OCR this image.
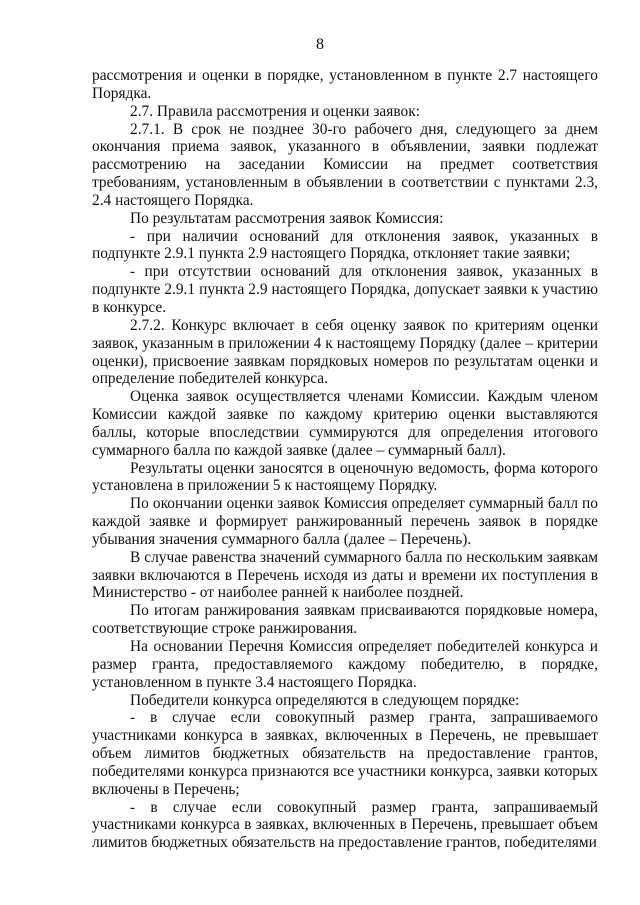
8

рассмотрения и оценки в порядке, установленном в пункте 2.7 настоящего Порядка.

2.7. Правила рассмотрения и оценки заявок:

2.7.1. В срок не позднее 30-го рабочего дня, следующего за днем окончания приема заявок, указанного в объявлении, заявки подлежат рассмотрению на заседании Комиссии на предмет соответствия требованиям, установленным в объявлении в соответствии с пунктами 2.3, 2.4 настоящего Порядка.

По результатам рассмотрения заявок Комиссия:

- при наличии оснований для отклонения заявок, указанных в подпункте 2.9.1 пункта 2.9 настоящего Порядка, отклоняет такие заявки;

- при отсутствии оснований для отклонения заявок, указанных в подпункте 2.9.1 пункта 2.9 настоящего Порядка, допускает заявки к участию в конкурсе.

2.7.2. Конкурс включает в себя оценку заявок по критериям оценки заявок, указанным в приложении 4 к настоящему Порядку (далее – критерии оценки), присвоение заявкам порядковых номеров по результатам оценки и определение победителей конкурса.

Оценка заявок осуществляется членами Комиссии. Каждым членом Комиссии каждой заявке по каждому критерию оценки выставляются баллы, которые впоследствии суммируются для определения итогового суммарного балла по каждой заявке (далее – суммарный балл).

Результаты оценки заносятся в оценочную ведомость, форма которого установлена в приложении 5 к настоящему Порядку.

По окончании оценки заявок Комиссия определяет суммарный балл по каждой заявке и формирует ранжированный перечень заявок в порядке убывания значения суммарного балла (далее – Перечень).

В случае равенства значений суммарного балла по нескольким заявкам заявки включаются в Перечень исходя из даты и времени их поступления в Министерство - от наиболее ранней к наиболее поздней.

По итогам ранжирования заявкам присваиваются порядковые номера, соответствующие строке ранжирования.

На основании Перечня Комиссия определяет победителей конкурса и размер гранта, предоставляемого каждому победителю, в порядке, установленном в пункте 3.4 настоящего Порядка.

Победители конкурса определяются в следующем порядке:

- в случае если совокупный размер гранта, запрашиваемого участниками конкурса в заявках, включенных в Перечень, не превышает объем лимитов бюджетных обязательств на предоставление грантов, победителями конкурса признаются все участники конкурса, заявки которых включены в Перечень;

- в случае если совокупный размер гранта, запрашиваемый участниками конкурса в заявках, включенных в Перечень, превышает объем лимитов бюджетных обязательств на предоставление грантов, победителями
